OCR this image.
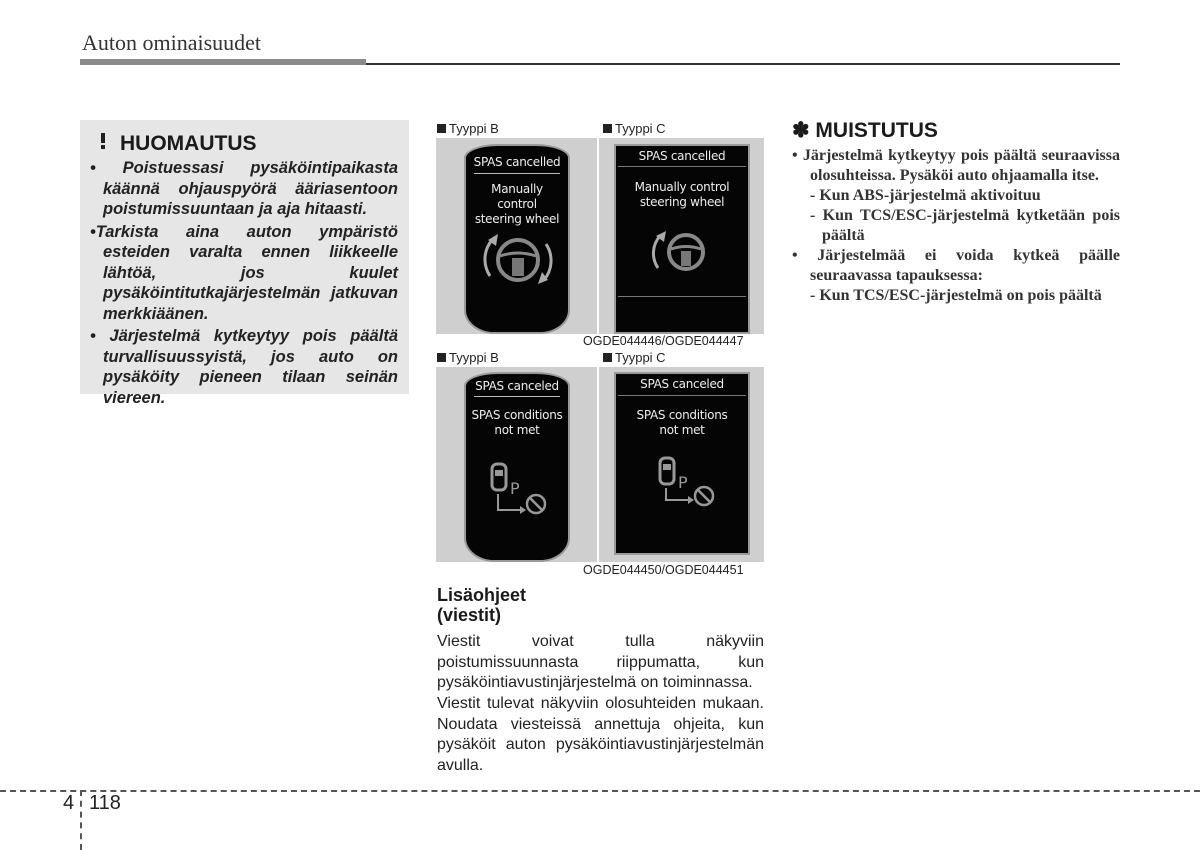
Auton ominaisuudet
HUOMAUTUS

• Poistuessasi pysäköintipaikasta käännä ohjauspyörä ääriasentoon poistumissuuntaan ja aja hitaasti.

•Tarkista aina auton ympäristö esteiden varalta ennen liikkeelle lähtöä, jos kuulet pysäköintitutkajärjestelmän jatkuvan merkkiäänen.

• Järjestelmä kytkeytyy pois päältä turvallisuussyistä, jos auto on pysäköity pieneen tilaan seinän viereen.

Tyyppi B	Tyyppi C
SPAS cancelled
Manually control
steering wheel
SPAS cancelled
Manually control
steering wheel
OGDE044446/OGDE044447
Tyyppi B	Tyyppi C
SPAS canceled
SPAS conditions
not met
P
SPAS canceled
SPAS conditions
not met
P
OGDE044450/OGDE044451
Lisäohjeet
(viestit)

Viestit voivat tulla näkyviin poistumissuunnasta riippumatta, kun pysäköintiavustinjärjestelmä on toiminnassa.

Viestit tulevat näkyviin olosuhteiden mukaan. Noudata viesteissä annettuja ohjeita, kun pysäköit auton pysäköintiavustinjärjestelmän avulla.

✽ MUISTUTUS

• Järjestelmä kytkeytyy pois päältä seuraavissa olosuhteissa. Pysäköi auto ohjaamalla itse.

- Kun ABS-järjestelmä aktivoituu

- Kun TCS/ESC-järjestelmä kytketään pois päältä

• Järjestelmää ei voida kytkeä päälle seuraavassa tapauksessa:

- Kun TCS/ESC-järjestelmä on pois päältä

4 118
